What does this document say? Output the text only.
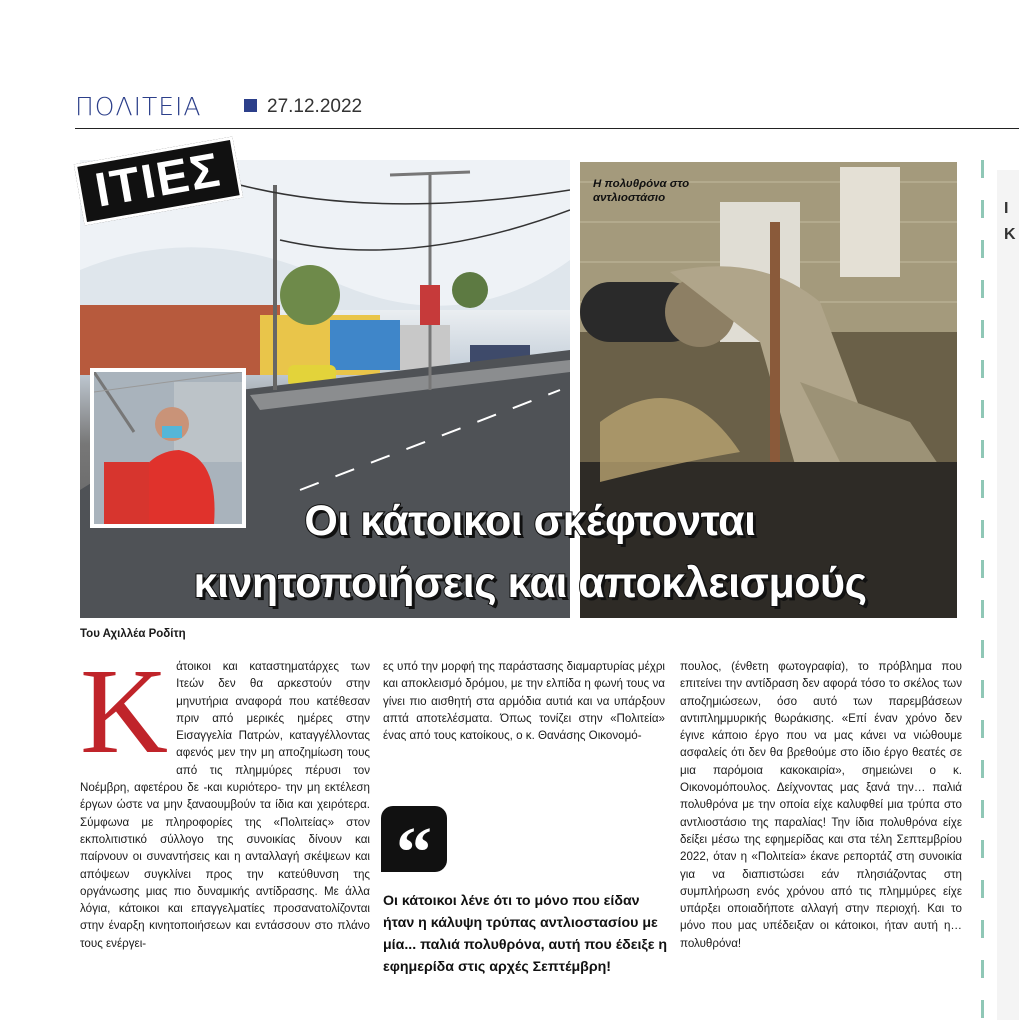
ΠΟΛΙΤΕΙΑ	27.12.2022
ΙΤΙΕΣ	Η πολυθρόνα στο αντλιοστάσιο
Οι κάτοικοι σκέφτονται
κινητοποιήσεις και αποκλεισμούς
Του Αχιλλέα Ροδίτη
Κ άτοικοι και καταστηματάρχες των Ιτεών δεν θα αρκεστούν στην μηνυτήρια αναφορά που κατέθεσαν πριν από μερικές ημέρες στην Εισαγγελία Πατρών, καταγγέλλοντας αφενός μεν την μη αποζημίωση τους από τις πλημμύρες πέρυσι τον Νοέμβρη, αφετέρου δε -και κυριότερο- την μη εκτέλεση έργων ώστε να μην ξαναουμβούν τα ίδια και χειρότερα. Σύμφωνα με πληροφορίες της «Πολιτείας» στον εκπολιτιστικό σύλλογο της συνοικίας δίνουν και παίρνουν οι συναντήσεις και η ανταλλαγή σκέψεων και απόψεων συγκλίνει προς την κατεύθυνση της οργάνωσης μιας πιο δυναμικής αντίδρασης. Με άλλα λόγια, κάτοικοι και επαγγελματίες προσανατολίζονται στην έναρξη κινητοποιήσεων και εντάσσουν στο πλάνο τους ενέργει-
ες υπό την μορφή της παράστασης διαμαρτυρίας μέχρι και αποκλεισμό δρόμου, με την ελπίδα η φωνή τους να γίνει πιο αισθητή στα αρμόδια αυτιά και να υπάρξουν απτά αποτελέσματα. Όπως τονίζει στην «Πολιτεία» ένας από τους κατοίκους, ο κ. Θανάσης Οικονομό-
“
Οι κάτοικοι λένε ότι το μόνο που είδαν ήταν η κάλυψη τρύπας αντλιοστασίου με μία... παλιά πολυθρόνα, αυτή που έδειξε η εφημερίδα στις αρχές Σεπτέμβρη!
πουλος, (ένθετη φωτογραφία), το πρόβλημα που επιτείνει την αντίδραση δεν αφορά τόσο το σκέλος των αποζημιώσεων, όσο αυτό των παρεμβάσεων αντιπλημμυρικής θωράκισης. «Επί έναν χρόνο δεν έγινε κάποιο έργο που να μας κάνει να νιώθουμε ασφαλείς ότι δεν θα βρεθούμε στο ίδιο έργο θεατές σε μια παρόμοια κακοκαιρία», σημειώνει ο κ. Οικονομόπουλος. Δείχνοντας μας ξανά την… παλιά πολυθρόνα με την οποία είχε καλυφθεί μια τρύπα στο αντλιοστάσιο της παραλίας! Την ίδια πολυθρόνα είχε δείξει μέσω της εφημερίδας και στα τέλη Σεπτεμβρίου 2022, όταν η «Πολιτεία» έκανε ρεπορτάζ στη συνοικία για να διαπιστώσει εάν πλησιάζοντας στη συμπλήρωση ενός χρόνου από τις πλημμύρες είχε υπάρξει οποιαδήποτε αλλαγή στην περιοχή. Και το μόνο που μας υπέδειξαν οι κάτοικοι, ήταν αυτή η… πολυθρόνα!
Ι
Κ
